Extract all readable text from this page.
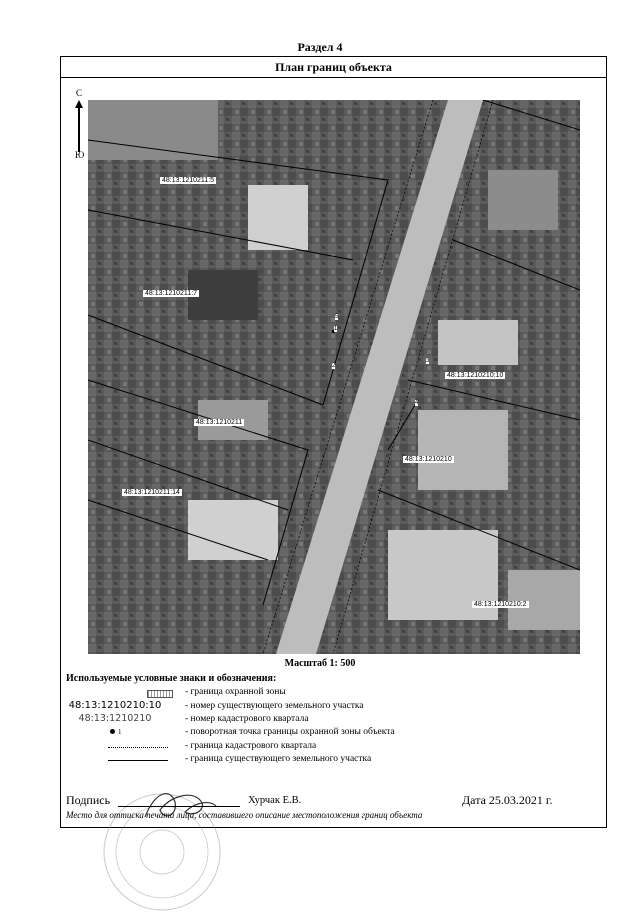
Раздел 4
План границ объекта
48:13:1210211:5
48:13:1210211:7
48:13:1210211
48:13:1210211:14
48:13:1210210:10
48:13:1210210
48:13:1210210:2
1
2
3
4
5
С
Ю
Масштаб 1: 500
Используемые условные знаки и обозначения:
- граница охранной зоны
48:13:1210210:10	- номер существующего земельного участка
48:13:1210210	- номер кадастрового квартала
1	- поворотная точка границы охранной зоны объекта
- граница кадастрового квартала
- граница существующего земельного участка
Подпись	Хурчак Е.В.	Дата 25.03.2021 г.
Место для оттиска печати лица, составившего описание местоположения границ объекта
